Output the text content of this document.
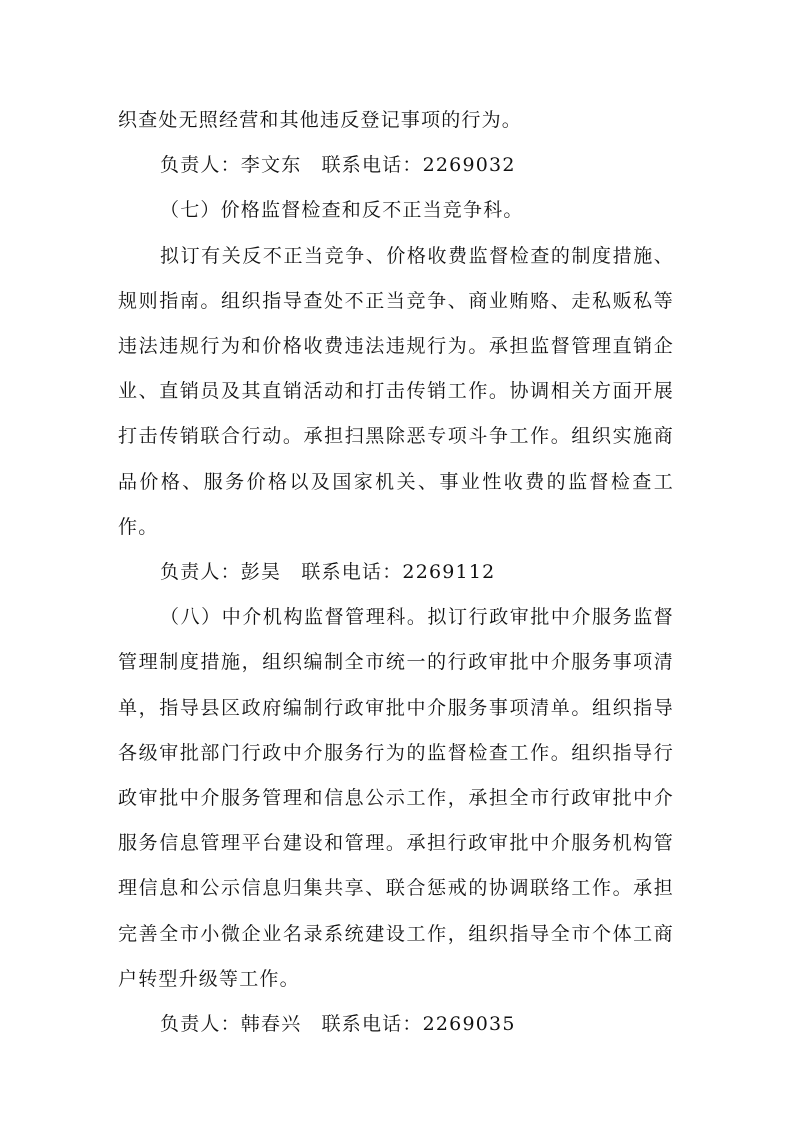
织查处无照经营和其他违反登记事项的行为。

负责人：李文东　联系电话：2269032

（七）价格监督检查和反不正当竞争科。

拟订有关反不正当竞争、价格收费监督检查的制度措施、规则指南。组织指导查处不正当竞争、商业贿赂、走私贩私等违法违规行为和价格收费违法违规行为。承担监督管理直销企业、直销员及其直销活动和打击传销工作。协调相关方面开展打击传销联合行动。承担扫黑除恶专项斗争工作。组织实施商品价格、服务价格以及国家机关、事业性收费的监督检查工作。

负责人：彭昊　联系电话：2269112

（八）中介机构监督管理科。拟订行政审批中介服务监督管理制度措施，组织编制全市统一的行政审批中介服务事项清单，指导县区政府编制行政审批中介服务事项清单。组织指导各级审批部门行政中介服务行为的监督检查工作。组织指导行政审批中介服务管理和信息公示工作，承担全市行政审批中介服务信息管理平台建设和管理。承担行政审批中介服务机构管理信息和公示信息归集共享、联合惩戒的协调联络工作。承担完善全市小微企业名录系统建设工作，组织指导全市个体工商户转型升级等工作。

负责人：韩春兴　联系电话：2269035
